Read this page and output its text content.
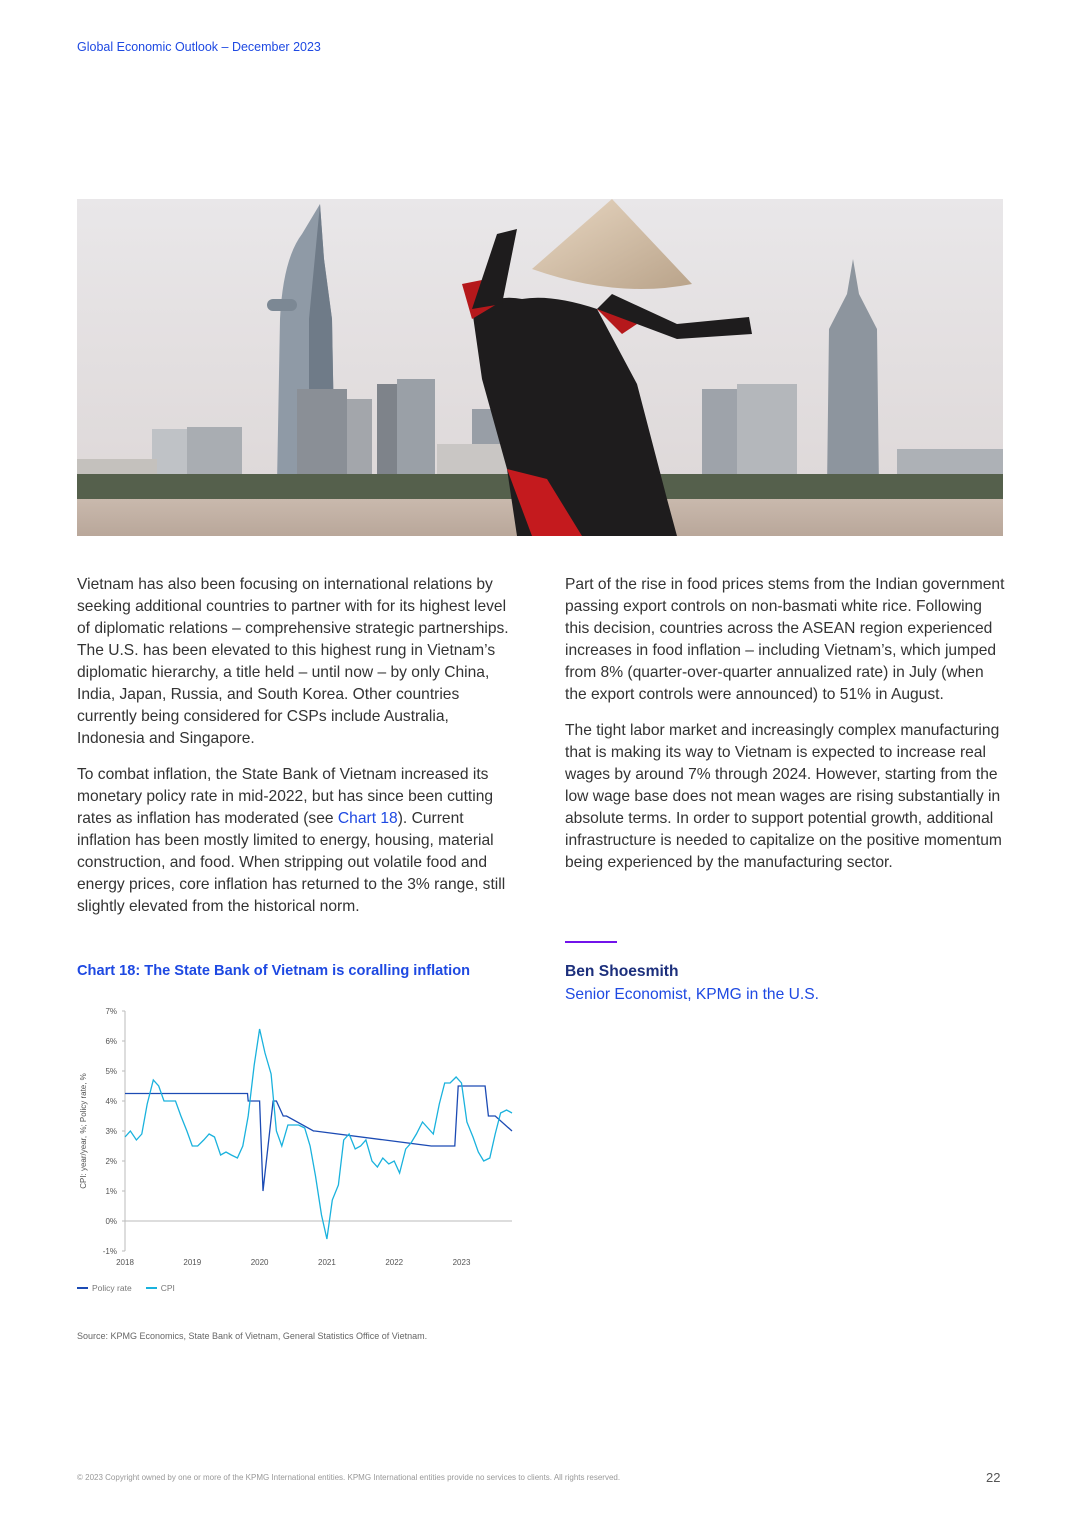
Global Economic Outlook – December 2023

Vietnam has also been focusing on international relations by seeking additional countries to partner with for its highest level of diplomatic relations – comprehensive strategic partnerships. The U.S. has been elevated to this highest rung in Vietnam’s diplomatic hierarchy, a title held – until now – by only China, India, Japan, Russia, and South Korea. Other countries currently being considered for CSPs include Australia, Indonesia and Singapore.

To combat inflation, the State Bank of Vietnam increased its monetary policy rate in mid-2022, but has since been cutting rates as inflation has moderated (see Chart 18). Current inflation has been mostly limited to energy, housing, material construction, and food. When stripping out volatile food and energy prices, core inflation has returned to the 3% range, still slightly elevated from the historical norm.

Part of the rise in food prices stems from the Indian government passing export controls on non-basmati white rice. Following this decision, countries across the ASEAN region experienced increases in food inflation – including Vietnam’s, which jumped from 8% (quarter-over-quarter annualized rate) in July (when the export controls were announced) to 51% in August.

The tight labor market and increasingly complex manufacturing that is making its way to Vietnam is expected to increase real wages by around 7% through 2024. However, starting from the low wage base does not mean wages are rising substantially in absolute terms. In order to support potential growth, additional infrastructure is needed to capitalize on the positive momentum being experienced by the manufacturing sector.

Ben Shoesmith
Senior Economist, KPMG in the U.S.
Chart 18: The State Bank of Vietnam is coralling inflation
7%
6%
5%
4%
3%
2%
1%
0%
-1%
2018	2019	2020	2021	2022	2023
CPI: year/year, %; Policy rate, %
Policy rate	CPI
Source: KPMG Economics, State Bank of Vietnam, General Statistics Office of Vietnam.
© 2023 Copyright owned by one or more of the KPMG International entities. KPMG International entities provide no services to clients. All rights reserved.	22
